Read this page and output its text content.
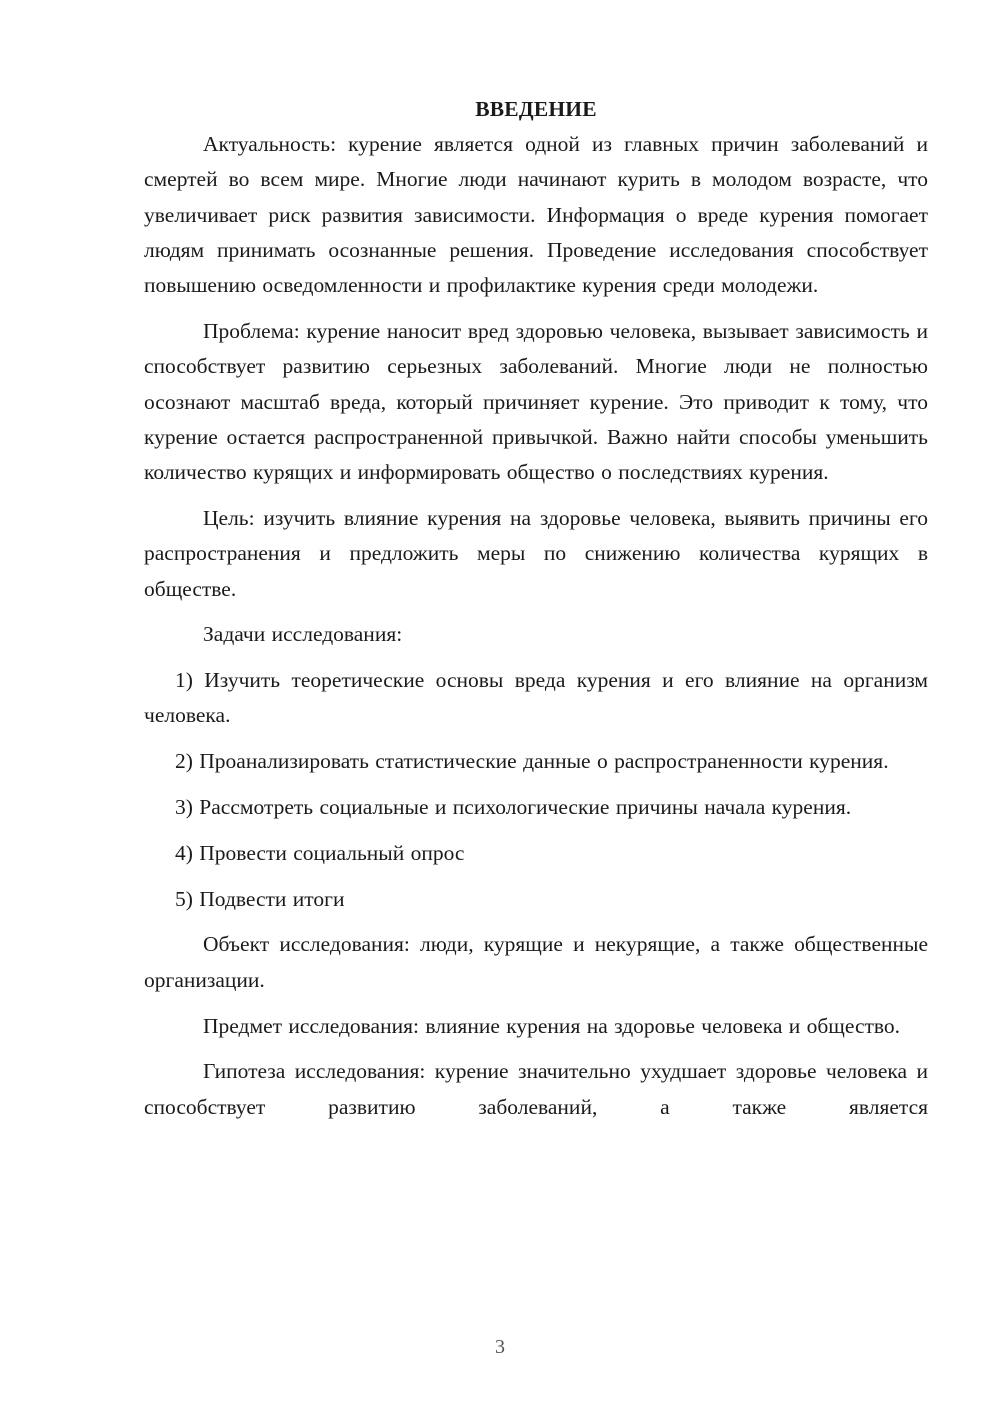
ВВЕДЕНИЕ

Актуальность: курение является одной из главных причин заболеваний и смертей во всем мире. Многие люди начинают курить в молодом возрасте, что увеличивает риск развития зависимости. Информация о вреде курения помогает людям принимать осознанные решения. Проведение исследования способствует повышению осведомленности и профилактике курения среди молодежи.

Проблема: курение наносит вред здоровью человека, вызывает зависимость и способствует развитию серьезных заболеваний. Многие люди не полностью осознают масштаб вреда, который причиняет курение. Это приводит к тому, что курение остается распространенной привычкой. Важно найти способы уменьшить количество курящих и информировать общество о последствиях курения.

Цель: изучить влияние курения на здоровье человека, выявить причины его распространения и предложить меры по снижению количества курящих в обществе.

Задачи исследования:

1) Изучить теоретические основы вреда курения и его влияние на организм человека.

2) Проанализировать статистические данные о распространенности курения.

3) Рассмотреть социальные и психологические причины начала курения.

4) Провести социальный опрос

5) Подвести итоги

Объект исследования: люди, курящие и некурящие, а также общественные организации.

Предмет исследования: влияние курения на здоровье человека и общество.

Гипотеза исследования: курение значительно ухудшает здоровье человека и способствует развитию заболеваний, а также является

3
